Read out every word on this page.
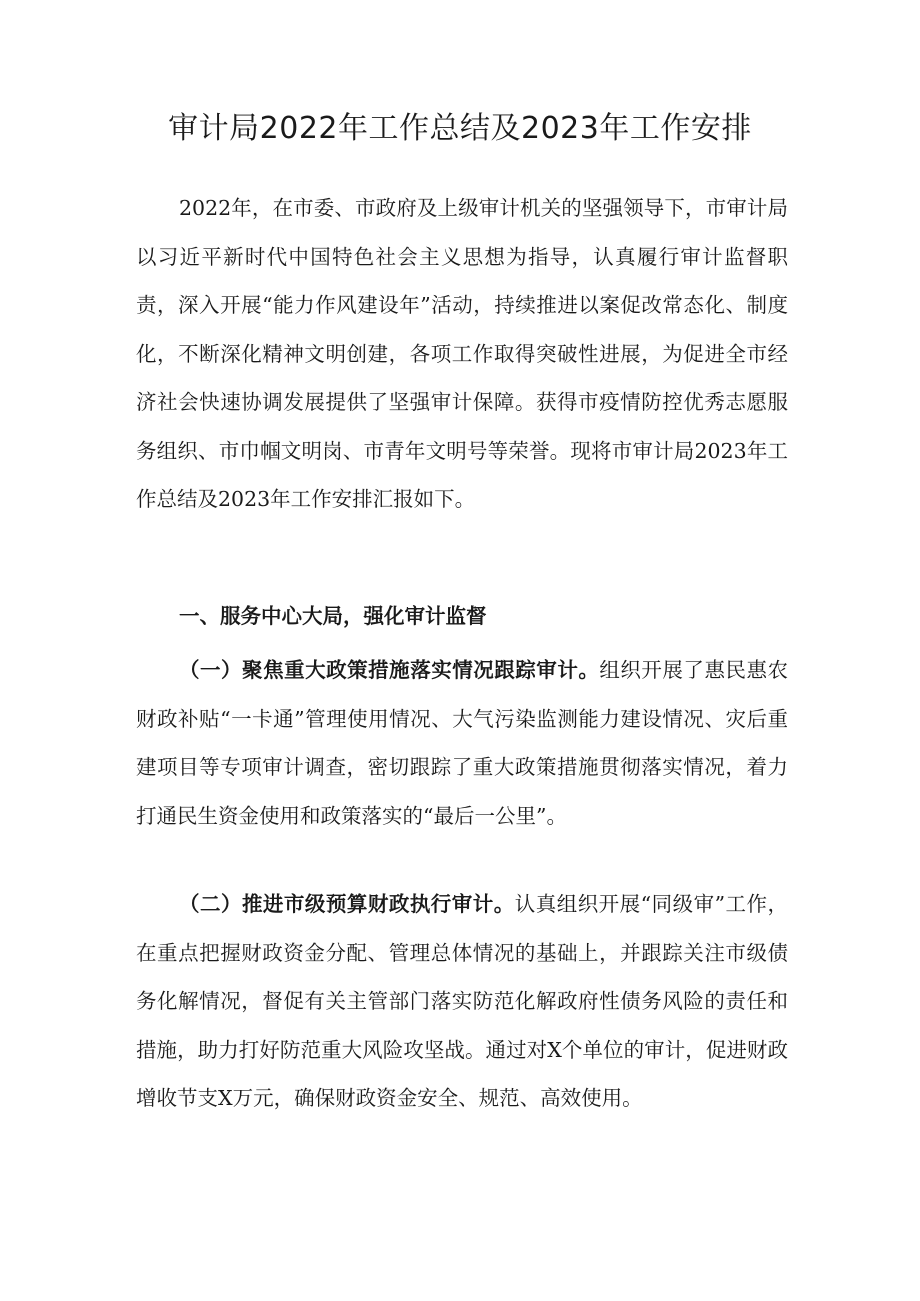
审计局2022年工作总结及2023年工作安排

2022年，在市委、市政府及上级审计机关的坚强领导下，市审计局以习近平新时代中国特色社会主义思想为指导，认真履行审计监督职责，深入开展“能力作风建设年”活动，持续推进以案促改常态化、制度化，不断深化精神文明创建，各项工作取得突破性进展，为促进全市经济社会快速协调发展提供了坚强审计保障。获得市疫情防控优秀志愿服务组织、市巾帼文明岗、市青年文明号等荣誉。现将市审计局2023年工作总结及2023年工作安排汇报如下。

一、服务中心大局，强化审计监督

（一）聚焦重大政策措施落实情况跟踪审计。组织开展了惠民惠农财政补贴“一卡通”管理使用情况、大气污染监测能力建设情况、灾后重建项目等专项审计调查，密切跟踪了重大政策措施贯彻落实情况，着力打通民生资金使用和政策落实的“最后一公里”。

（二）推进市级预算财政执行审计。认真组织开展“同级审”工作，在重点把握财政资金分配、管理总体情况的基础上，并跟踪关注市级债务化解情况，督促有关主管部门落实防范化解政府性债务风险的责任和措施，助力打好防范重大风险攻坚战。通过对X个单位的审计，促进财政增收节支X万元，确保财政资金安全、规范、高效使用。
